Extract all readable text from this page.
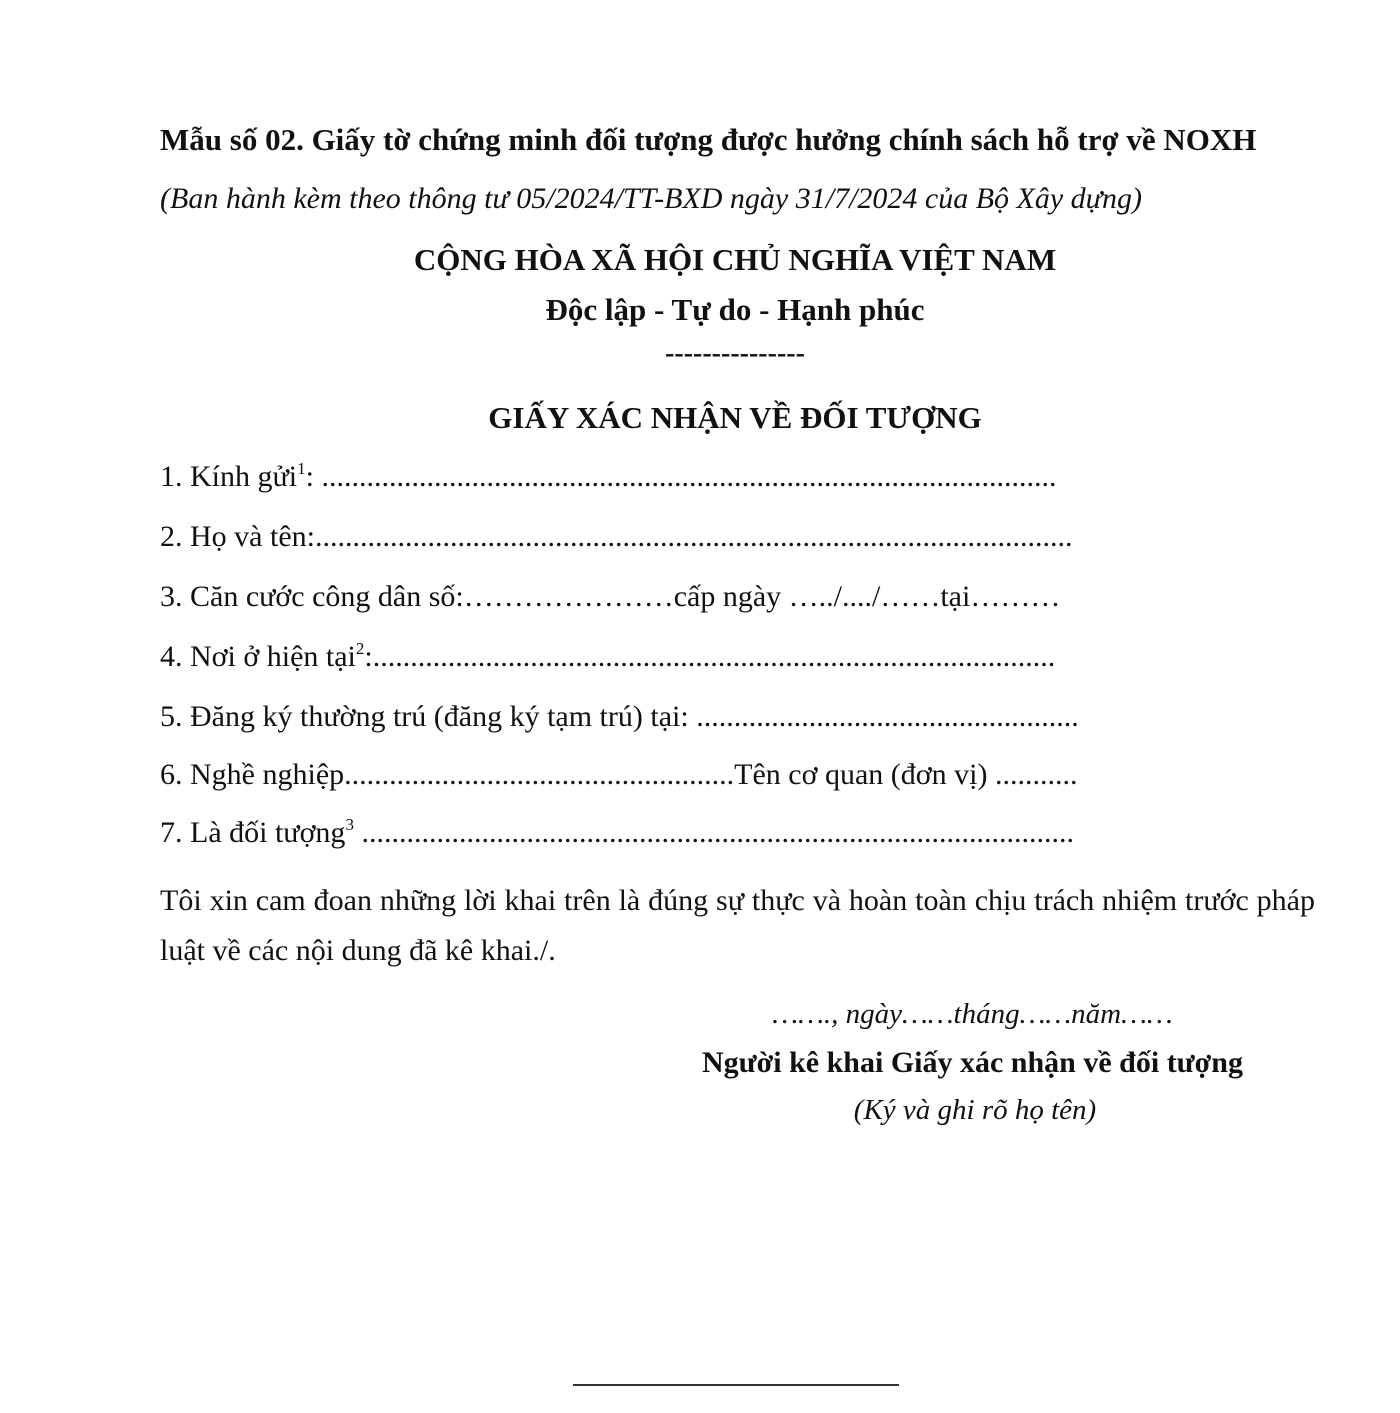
Mẫu số 02. Giấy tờ chứng minh đối tượng được hưởng chính sách hỗ trợ về NOXH
(Ban hành kèm theo thông tư 05/2024/TT-BXD ngày 31/7/2024 của Bộ Xây dựng)
CỘNG HÒA XÃ HỘI CHỦ NGHĨA VIỆT NAM
Độc lập - Tự do - Hạnh phúc
---------------
GIẤY XÁC NHẬN VỀ ĐỐI TƯỢNG
1. Kính gửi$^1$: ..................................................................................................
2. Họ và tên:.....................................................................................................
3. Căn cước công dân số:…………………cấp ngày …../..../……tại………
4. Nơi ở hiện tại$^2$:...........................................................................................
5. Đăng ký thường trú (đăng ký tạm trú) tại: ...................................................
6. Nghề nghiệp....................................................Tên cơ quan (đơn vị) ...........
7. Là đối tượng$^3$ ...............................................................................................
Tôi xin cam đoan những lời khai trên là đúng sự thực và hoàn toàn chịu trách nhiệm trước pháp luật về các nội dung đã kê khai./.
……., ngày……tháng……năm……
Người kê khai Giấy xác nhận về đối tượng
(Ký và ghi rõ họ tên)
